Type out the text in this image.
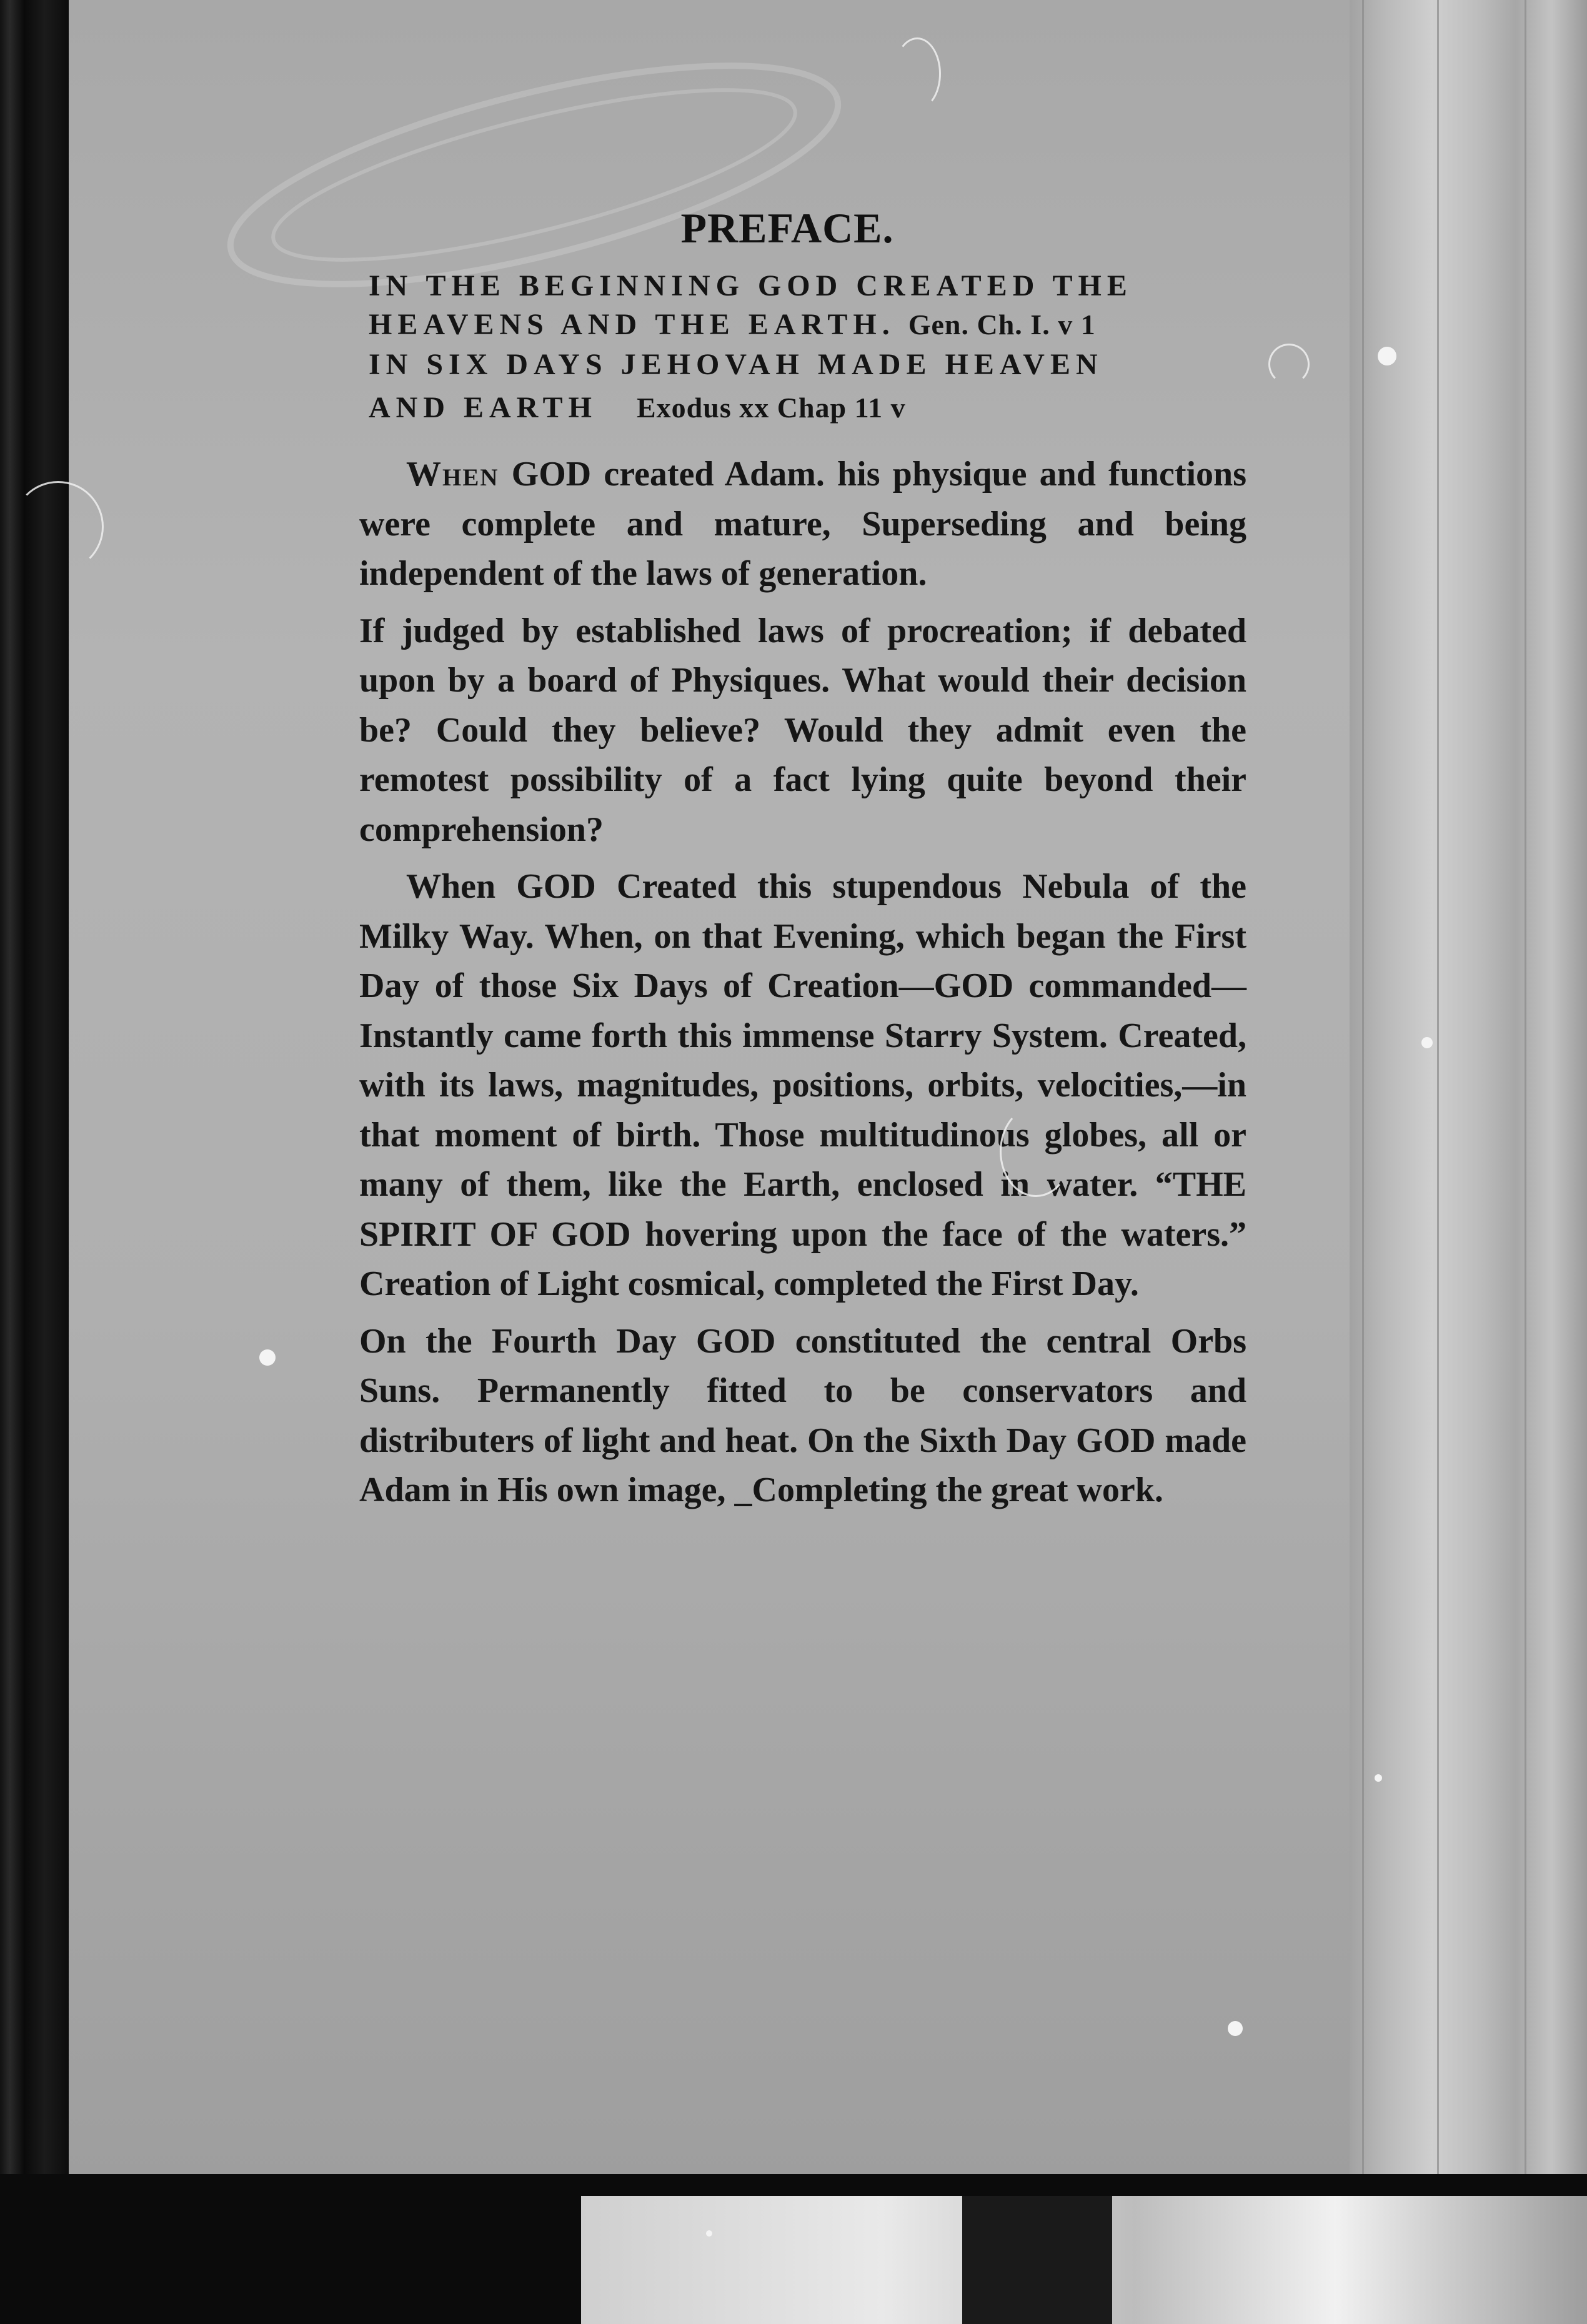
PREFACE.
IN THE BEGINNING GOD CREATED THE
HEAVENS AND THE EARTH. Gen. Ch. I. v 1
IN SIX DAYS JEHOVAH MADE HEAVEN
AND EARTH Exodus xx Chap 11 v

When GOD created Adam. his physique and functions were complete and mature, Superseding and being independent of the laws of generation.

If judged by established laws of procreation; if debated upon by a board of Physiques. What would their decision be? Could they believe? Would they admit even the remotest possibility of a fact lying quite beyond their comprehension?

When GOD Created this stupendous Nebula of the Milky Way. When, on that Evening, which began the First Day of those Six Days of Creation—GOD commanded—Instantly came forth this immense Starry System. Created, with its laws, magnitudes, positions, orbits, velocities,—in that moment of birth. Those multitudinous globes, all or many of them, like the Earth, enclosed in water. “THE SPIRIT OF GOD hovering upon the face of the waters.” Creation of Light cosmical, completed the First Day.

On the Fourth Day GOD constituted the central Orbs Suns. Permanently fitted to be conservators and distributers of light and heat. On the Sixth Day GOD made Adam in His own image, _Completing the great work.
